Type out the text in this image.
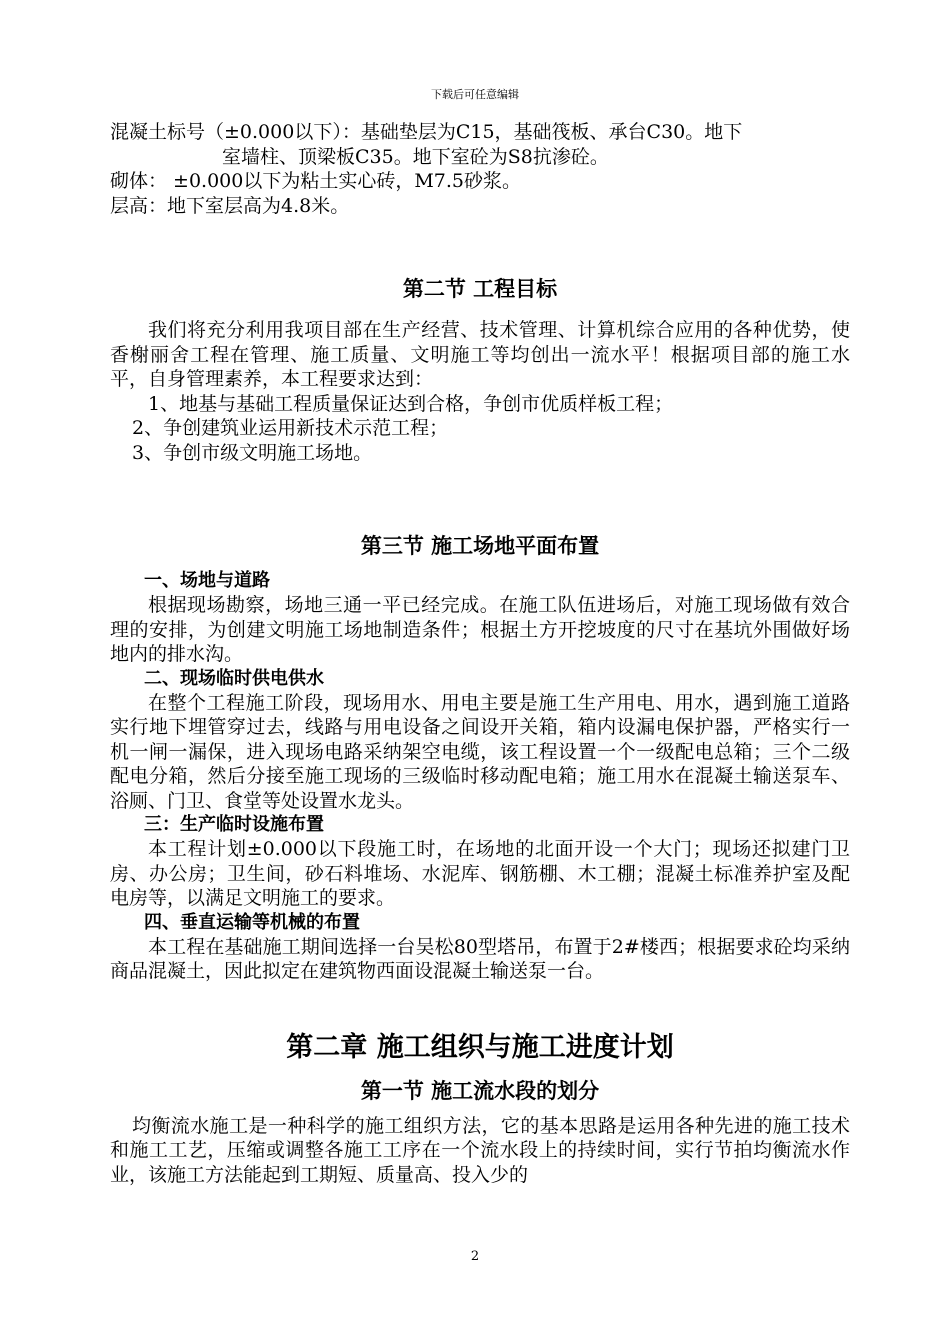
下载后可任意编辑

混凝土标号（±0.000以下）：基础垫层为C15，基础筏板、承台C30。地下

室墙柱、顶梁板C35。地下室砼为S8抗渗砼。

砌体： ±0.000以下为粘土实心砖，M7.5砂浆。

层高：地下室层高为4.8米。

第二节 工程目标

我们将充分利用我项目部在生产经营、技术管理、计算机综合应用的各种优势，使香榭丽舍工程在管理、施工质量、文明施工等均创出一流水平！根据项目部的施工水平，自身管理素养，本工程要求达到：

1、地基与基础工程质量保证达到合格，争创市优质样板工程；

2、争创建筑业运用新技术示范工程；

3、争创市级文明施工场地。

第三节 施工场地平面布置
一、场地与道路

根据现场勘察，场地三通一平已经完成。在施工队伍进场后，对施工现场做有效合理的安排，为创建文明施工场地制造条件；根据土方开挖坡度的尺寸在基坑外围做好场地内的排水沟。

二、现场临时供电供水

在整个工程施工阶段，现场用水、用电主要是施工生产用电、用水，遇到施工道路实行地下埋管穿过去，线路与用电设备之间设开关箱，箱内设漏电保护器，严格实行一机一闸一漏保，进入现场电路采纳架空电缆，该工程设置一个一级配电总箱；三个二级配电分箱，然后分接至施工现场的三级临时移动配电箱；施工用水在混凝土输送泵车、浴厕、门卫、食堂等处设置水龙头。

三：生产临时设施布置

本工程计划±0.000以下段施工时，在场地的北面开设一个大门；现场还拟建门卫房、办公房；卫生间，砂石料堆场、水泥库、钢筋棚、木工棚；混凝土标准养护室及配电房等，以满足文明施工的要求。

四、垂直运输等机械的布置

本工程在基础施工期间选择一台吴松80型塔吊，布置于2#楼西；根据要求砼均采纳商品混凝土，因此拟定在建筑物西面设混凝土输送泵一台。

第二章 施工组织与施工进度计划
第一节 施工流水段的划分

均衡流水施工是一种科学的施工组织方法，它的基本思路是运用各种先进的施工技术和施工工艺，压缩或调整各施工工序在一个流水段上的持续时间，实行节拍均衡流水作业，该施工方法能起到工期短、质量高、投入少的

2
